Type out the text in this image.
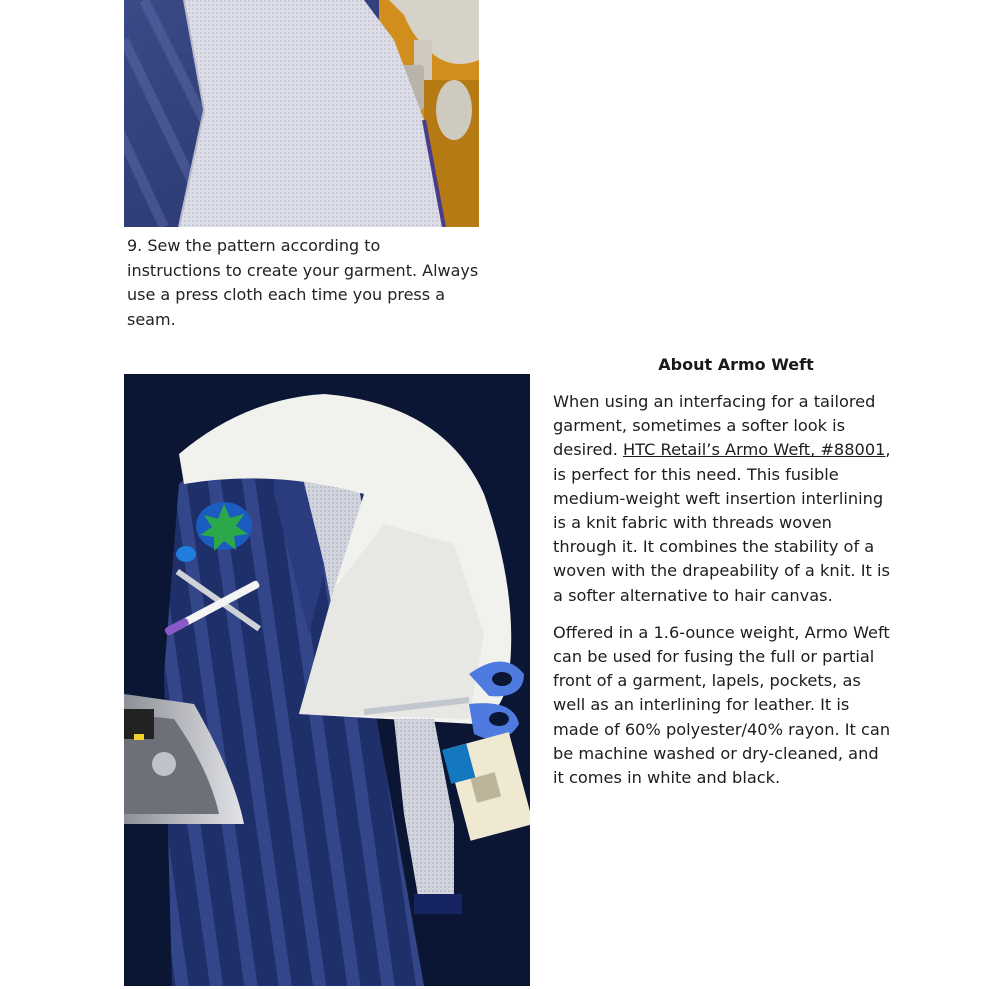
9. Sew the pattern according to
instructions to create your garment. Always
use a press cloth each time you press a
seam.
About Armo Weft

When using an interfacing for a tailored garment, sometimes a softer look is desired. HTC Retail’s Armo Weft, #88001, is perfect for this need. This fusible medium-weight weft insertion interlining is a knit fabric with threads woven through it. It combines the stability of a woven with the drapeability of a knit. It is a softer alternative to hair canvas.

Offered in a 1.6-ounce weight, Armo Weft can be used for fusing the full or partial front of a garment, lapels, pockets, as well as an interlining for leather. It is made of 60% polyester/40% rayon. It can be machine washed or dry-cleaned, and it comes in white and black.
